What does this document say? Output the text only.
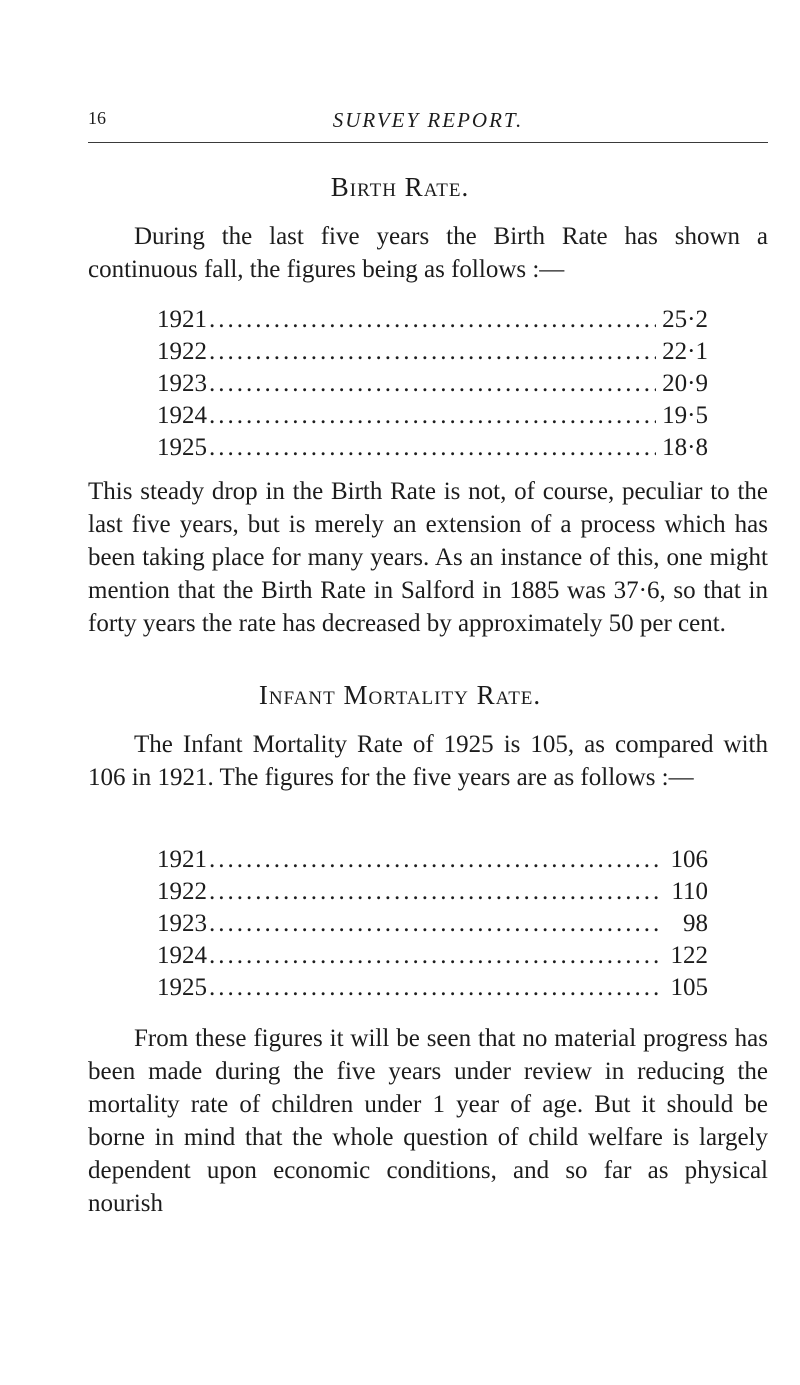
16	SURVEY REPORT.
Birth Rate.

During the last five years the Birth Rate has shown a continuous fall, the figures being as follows :—

1921 .....	25·2
1922 .....	22·1
1923 .....	20·9
1924 .....	19·5
1925 .....	18·8

This steady drop in the Birth Rate is not, of course, peculiar to the last five years, but is merely an extension of a process which has been taking place for many years. As an instance of this, one might mention that the Birth Rate in Salford in 1885 was 37·6, so that in forty years the rate has decreased by approximately 50 per cent.

Infant Mortality Rate.

The Infant Mortality Rate of 1925 is 105, as compared with 106 in 1921. The figures for the five years are as follows :—

1921 .....	106
1922 .....	110
1923 .....	98
1924 .....	122
1925 .....	105

From these figures it will be seen that no material progress has been made during the five years under review in reducing the mortality rate of children under 1 year of age. But it should be borne in mind that the whole question of child welfare is largely dependent upon economic conditions, and so far as physical nourish
